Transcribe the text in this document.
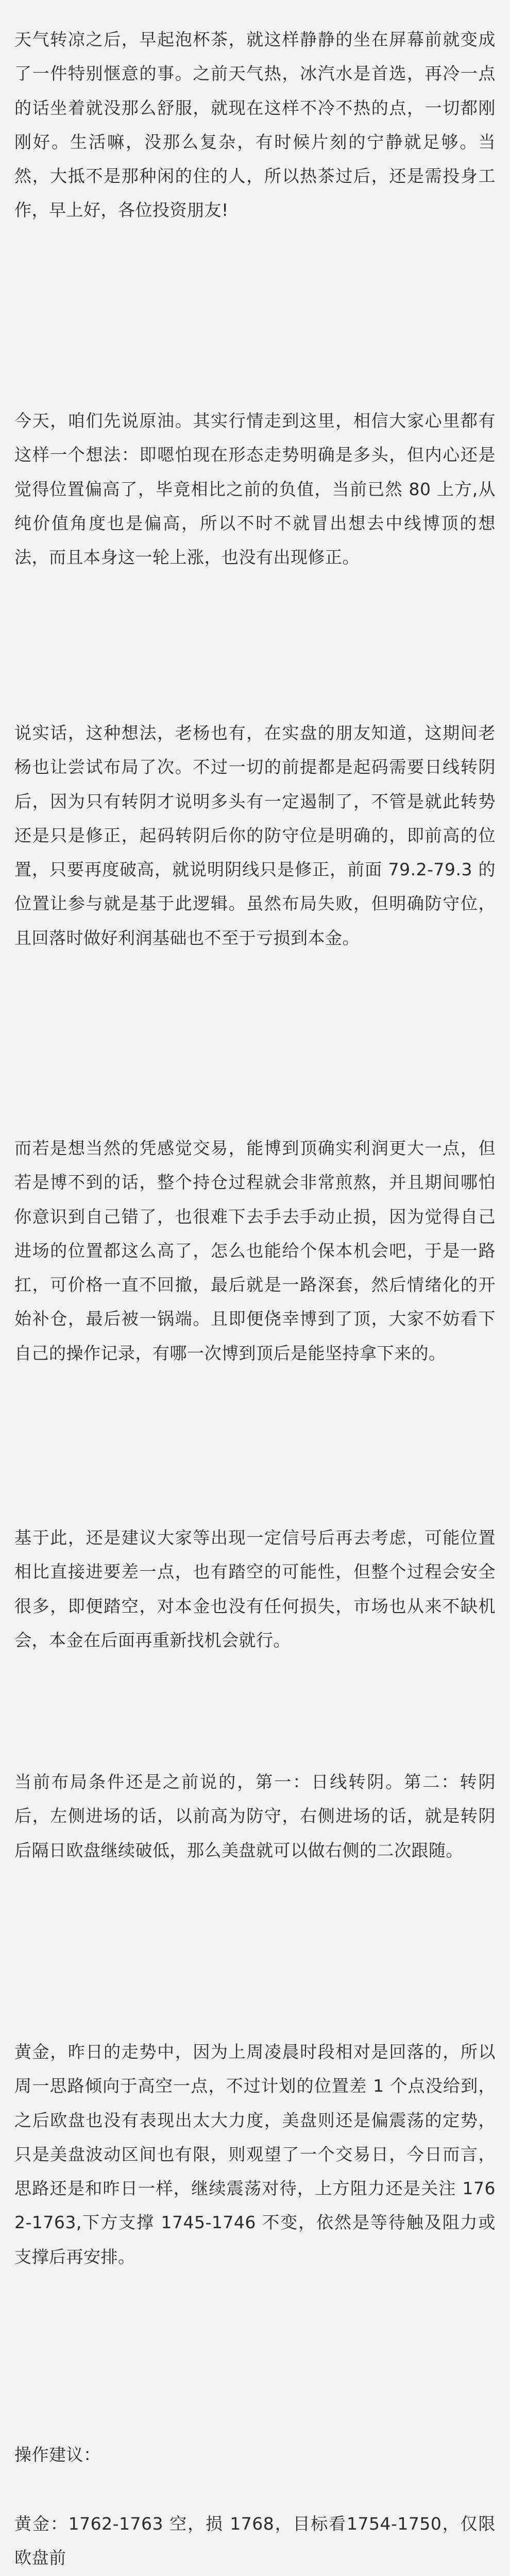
天气转凉之后，早起泡杯茶，就这样静静的坐在屏幕前就变成了一件特别惬意的事。之前天气热，冰汽水是首选，再冷一点的话坐着就没那么舒服，就现在这样不冷不热的点，一切都刚刚好。生活嘛，没那么复杂，有时候片刻的宁静就足够。当然，大抵不是那种闲的住的人，所以热茶过后，还是需投身工作，早上好，各位投资朋友!

今天，咱们先说原油。其实行情走到这里，相信大家心里都有这样一个想法：即嗯怕现在形态走势明确是多头，但内心还是觉得位置偏高了，毕竟相比之前的负值，当前已然 80 上方,从纯价值角度也是偏高，所以不时不就冒出想去中线博顶的想法，而且本身这一轮上涨，也没有出现修正。

说实话，这种想法，老杨也有，在实盘的朋友知道，这期间老杨也让尝试布局了次。不过一切的前提都是起码需要日线转阴后，因为只有转阴才说明多头有一定遏制了，不管是就此转势还是只是修正，起码转阴后你的防守位是明确的，即前高的位置，只要再度破高，就说明阴线只是修正，前面 79.2-79.3 的位置让参与就是基于此逻辑。虽然布局失败，但明确防守位，且回落时做好利润基础也不至于亏损到本金。

而若是想当然的凭感觉交易，能博到顶确实利润更大一点，但若是博不到的话，整个持仓过程就会非常煎熬，并且期间哪怕你意识到自己错了，也很难下去手去手动止损，因为觉得自己进场的位置都这么高了，怎么也能给个保本机会吧，于是一路扛，可价格一直不回撤，最后就是一路深套，然后情绪化的开始补仓，最后被一锅端。且即便侥幸博到了顶，大家不妨看下自己的操作记录，有哪一次博到顶后是能坚持拿下来的。

基于此，还是建议大家等出现一定信号后再去考虑，可能位置相比直接进要差一点，也有踏空的可能性，但整个过程会安全很多，即便踏空，对本金也没有任何损失，市场也从来不缺机会，本金在后面再重新找机会就行。

当前布局条件还是之前说的，第一：日线转阴。第二：转阴后，左侧进场的话，以前高为防守，右侧进场的话，就是转阴后隔日欧盘继续破低，那么美盘就可以做右侧的二次跟随。

黄金，昨日的走势中，因为上周凌晨时段相对是回落的，所以周一思路倾向于高空一点，不过计划的位置差 1 个点没给到，之后欧盘也没有表现出太大力度，美盘则还是偏震荡的定势，只是美盘波动区间也有限，则观望了一个交易日，今日而言，思路还是和昨日一样，继续震荡对待，上方阻力还是关注 1762-1763,下方支撑 1745-1746 不变，依然是等待触及阻力或支撑后再安排。

操作建议：

黄金：1762-1763 空，损 1768，目标看1754-1750，仅限欧盘前
